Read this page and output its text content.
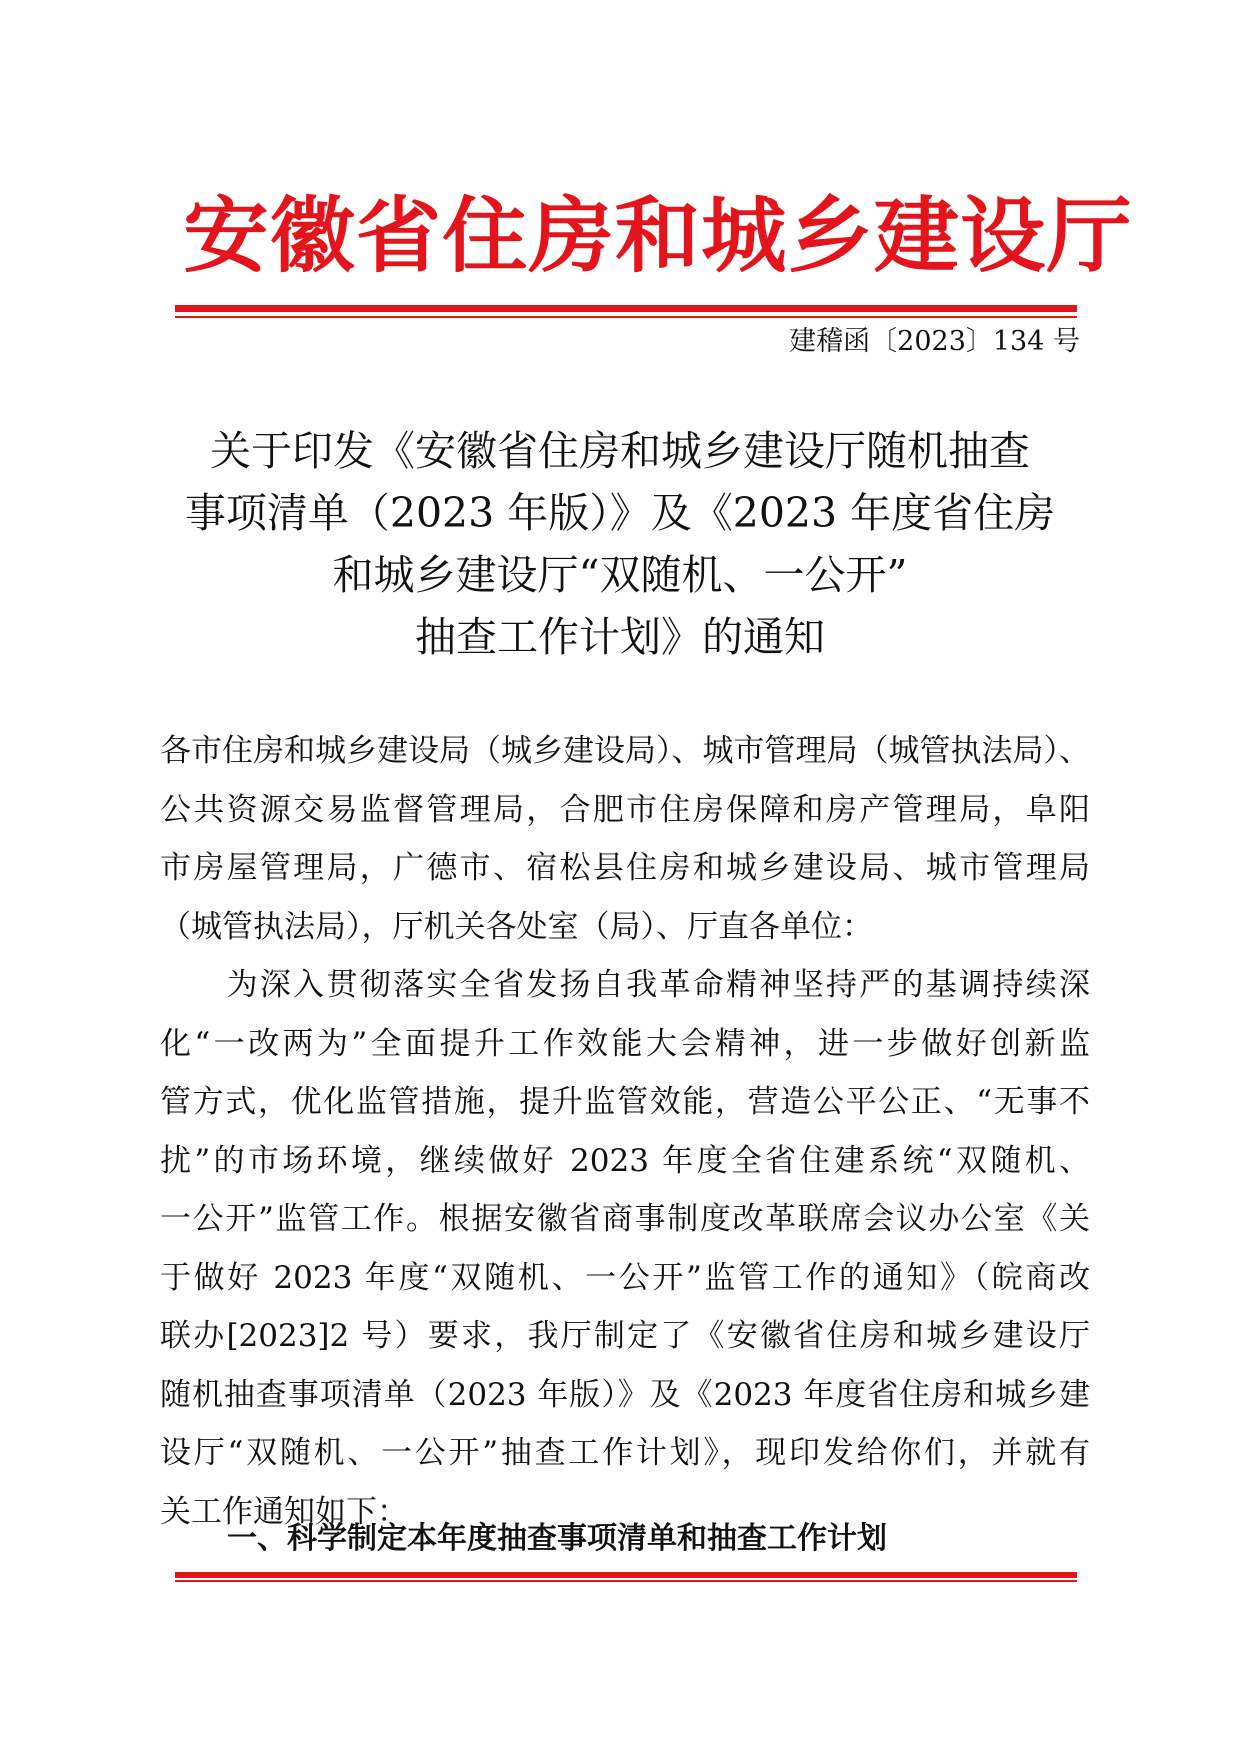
安徽省住房和城乡建设厅
建稽函〔2023〕134 号
关于印发《安徽省住房和城乡建设厅随机抽查
事项清单（2023 年版）》及《2023 年度省住房
和城乡建设厅“双随机、一公开”
抽查工作计划》的通知
各市住房和城乡建设局（城乡建设局）、城市管理局（城管执法局）、
公共资源交易监督管理局，合肥市住房保障和房产管理局，阜阳
市房屋管理局，广德市、宿松县住房和城乡建设局、城市管理局
（城管执法局），厅机关各处室（局）、厅直各单位：
　　为深入贯彻落实全省发扬自我革命精神坚持严的基调持续深
化“一改两为”全面提升工作效能大会精神，进一步做好创新监
管方式，优化监管措施，提升监管效能，营造公平公正、“无事不
扰”的市场环境，继续做好 2023 年度全省住建系统“双随机、
一公开”监管工作。根据安徽省商事制度改革联席会议办公室《关
于做好 2023 年度“双随机、一公开”监管工作的通知》（皖商改
联办[2023]2 号）要求，我厅制定了《安徽省住房和城乡建设厅
随机抽查事项清单（2023 年版）》及《2023 年度省住房和城乡建
设厅“双随机、一公开”抽查工作计划》，现印发给你们，并就有
关工作通知如下：
一、科学制定本年度抽查事项清单和抽查工作计划
